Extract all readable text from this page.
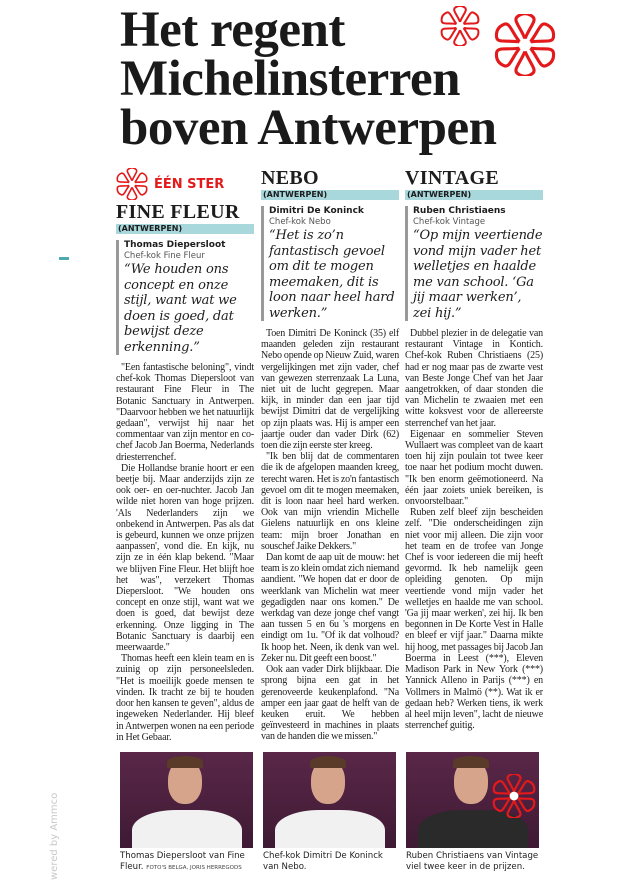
wered by Ammco
Het regent
Michelinsterren
boven Antwerpen
ÉÉN STER
FINE FLEUR
(ANTWERPEN)
Thomas Diepersloot
Chef-kok Fine Fleur
“We houden ons concept en onze stijl, want wat we doen is goed, dat bewijst deze erkenning.”

"Een fantastische beloning", vindt chef-kok Thomas Diepersloot van restaurant Fine Fleur in The Botanic Sanctuary in Antwerpen. "Daarvoor hebben we het natuurlijk gedaan", verwijst hij naar het commentaar van zijn mentor en co-chef Jacob Jan Boerma, Nederlands driesterrenchef.

Die Hollandse branie hoort er een beetje bij. Maar anderzijds zijn ze ook oer- en oer-nuchter. Jacob Jan wilde niet horen van hoge prijzen. 'Als Nederlanders zijn we onbekend in Antwerpen. Pas als dat is gebeurd, kunnen we onze prijzen aanpassen', vond die. En kijk, nu zijn ze in één klap bekend. "Maar we blijven Fine Fleur. Het blijft hoe het was", verzekert Thomas Diepersloot. "We houden ons concept en onze stijl, want wat we doen is goed, dat bewijst deze erkenning. Onze ligging in The Botanic Sanctuary is daarbij een meerwaarde."

Thomas heeft een klein team en is zuinig op zijn personeelsleden. "Het is moeilijk goede mensen te vinden. Ik tracht ze bij te houden door hen kansen te geven", aldus de ingeweken Nederlander. Hij bleef in Antwerpen wonen na een periode in Het Gebaar.

NEBO
(ANTWERPEN)
Dimitri De Koninck
Chef-kok Nebo
“Het is zo’n fantastisch gevoel om dit te mogen meemaken, dit is loon naar heel hard werken.”

Toen Dimitri De Koninck (35) elf maanden geleden zijn restaurant Nebo opende op Nieuw Zuid, waren vergelijkingen met zijn vader, chef van gewezen sterrenzaak La Luna, niet uit de lucht gegrepen. Maar kijk, in minder dan een jaar tijd bewijst Dimitri dat de vergelijking op zijn plaats was. Hij is amper een jaartje ouder dan vader Dirk (62) toen die zijn eerste ster kreeg.

"Ik ben blij dat de commentaren die ik de afgelopen maanden kreeg, terecht waren. Het is zo'n fantastisch gevoel om dit te mogen meemaken, dit is loon naar heel hard werken. Ook van mijn vriendin Michelle Gielens natuurlijk en ons kleine team: mijn broer Jonathan en souschef Jaike Dekkers."

Dan komt de aap uit de mouw: het team is zo klein omdat zich niemand aandient. "We hopen dat er door de weerklank van Michelin wat meer gegadigden naar ons komen." De werkdag van deze jonge chef vangt aan tussen 5 en 6u 's morgens en eindigt om 1u. "Of ik dat volhoud? Ik hoop het. Neen, ik denk van wel. Zeker nu. Dit geeft een boost."

Ook aan vader Dirk blijkbaar. Die sprong bijna een gat in het gerenoveerde keukenplafond. "Na amper een jaar gaat de helft van de keuken eruit. We hebben geïnvesteerd in machines in plaats van de handen die we missen."

VINTAGE
(ANTWERPEN)
Ruben Christiaens
Chef-kok Vintage
“Op mijn veertiende vond mijn vader het welletjes en haalde me van school. ‘Ga jij maar werken’, zei hij.”

Dubbel plezier in de delegatie van restaurant Vintage in Kontich. Chef-kok Ruben Christiaens (25) had er nog maar pas de zwarte vest van Beste Jonge Chef van het Jaar aangetrokken, of daar stonden die van Michelin te zwaaien met een witte koksvest voor de allereerste sterrenchef van het jaar.

Eigenaar en sommelier Steven Wullaert was compleet van de kaart toen hij zijn poulain tot twee keer toe naar het podium mocht duwen. "Ik ben enorm geëmotioneerd. Na één jaar zoiets uniek bereiken, is onvoorstelbaar."

Ruben zelf bleef zijn bescheiden zelf. "Die onderscheidingen zijn niet voor mij alleen. Die zijn voor het team en de trofee van Jonge Chef is voor iedereen die mij heeft gevormd. Ik heb namelijk geen opleiding genoten. Op mijn veertiende vond mijn vader het welletjes en haalde me van school. 'Ga jij maar werken', zei hij. Ik ben begonnen in De Korte Vest in Halle en bleef er vijf jaar." Daarna mikte hij hoog, met passages bij Jacob Jan Boerma in Leest (***), Eleven Madison Park in New York (***) Yannick Alleno in Parijs (***) en Vollmers in Malmö (**). Wat ik er gedaan heb? Werken tiens, ik werk al heel mijn leven", lacht de nieuwe sterrenchef guitig.

Thomas Diepersloot van Fine Fleur. FOTO'S BELGA, JORIS HERREGODS
Chef-kok Dimitri De Koninck van Nebo.
Ruben Christiaens van Vintage viel twee keer in de prijzen.
